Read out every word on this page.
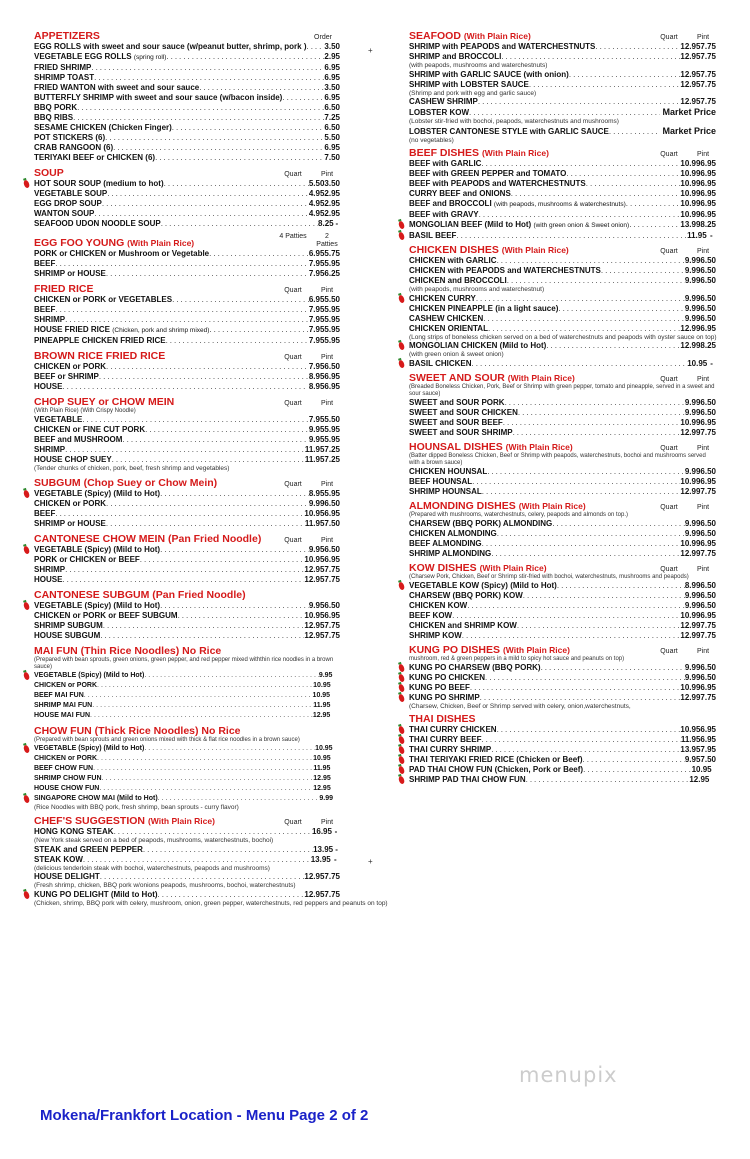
APPETIZERS	Order
EGG ROLLS with sweet and sour sauce (w/peanut butter, shrimp, pork ) ..... 3.50
VEGETABLE EGG ROLLS (spring roll) .....	2.95
FRIED SHRIMP .....	6.95
SHRIMP TOAST .....	6.95
FRIED WANTON with sweet and sour sauce .....	3.50
BUTTERFLY SHRIMP with sweet and sour sauce (w/bacon inside) .....	6.95
BBQ PORK .....	6.50
BBQ RIBS .....	7.25
SESAME CHICKEN (Chicken Finger) .....	6.50
POT STICKERS (6) .....	5.50
CRAB RANGOON (6) .....	6.95
TERIYAKI BEEF or CHICKEN (6) .....	7.50
SOUP	Quart	Pint
HOT SOUR SOUP (medium to hot) .....	5.50 3.50
VEGETABLE SOUP .....	4.95 2.95
EGG DROP SOUP .....	4.95 2.95
WANTON SOUP .....	4.95 2.95
SEAFOOD UDON NOODLE SOUP .....	8.25 -
EGG FOO YOUNG (With Plain Rice)
4 Patties	2 Patties
PORK or CHICKEN or Mushroom or Vegetable .....	6.95 5.75
BEEF .....	7.95 5.95
SHRIMP or HOUSE .....	7.95 6.25
FRIED RICE	Quart	Pint
CHICKEN or PORK or VEGETABLES .....	6.95 5.50
BEEF .....	7.95 5.95
SHRIMP .....	7.95 5.95
HOUSE FRIED RICE (Chicken, pork and shrimp mixed) .....	7.95 5.95
PINEAPPLE CHICKEN FRIED RICE .....	7.95 5.95
BROWN RICE FRIED RICE	Quart	Pint
CHICKEN or PORK .....	7.95 6.50
BEEF or SHRIMP .....	8.95 6.95
HOUSE .....	8.95 6.95
CHOP SUEY or CHOW MEIN	Quart	Pint
(With Plain Rice) (With Crispy Noodle)
VEGETABLE .....	7.95 5.50
CHICKEN or FINE CUT PORK .....	9.95 5.95
BEEF and MUSHROOM .....	9.95 5.95
SHRIMP .....	11.95 7.25
HOUSE CHOP SUEY .....	11.95 7.25
(Tender chunks of chicken, pork, beef, fresh shrimp and vegetables)
SUBGUM (Chop Suey or Chow Mein)	Quart	Pint
VEGETABLE (Spicy) (Mild to Hot) .....	8.95 5.95
CHICKEN or PORK .....	9.99 6.50
BEEF .....	10.95 6.95
SHRIMP or HOUSE .....	11.95 7.50
CANTONESE CHOW MEIN (Pan Fried Noodle)	Quart	Pint
VEGETABLE (Spicy) (Mild to Hot) .....	9.95 6.50
PORK or CHICKEN or BEEF .....	10.95 6.95
SHRIMP .....	12.95 7.75
HOUSE .....	12.95 7.75
CANTONESE SUBGUM (Pan Fried Noodle)
VEGETABLE (Spicy) (Mild to Hot) .....	9.95 6.50
CHICKEN or PORK or BEEF SUBGUM .....	10.95 6.95
SHRIMP SUBGUM .....	12.95 7.75
HOUSE SUBGUM .....	12.95 7.75
MAI FUN (Thin Rice Noodles) No Rice
(Prepared with bean sprouts, green onions, green pepper, and red pepper mixed withthin rice noodles in a brown sauce)
VEGETABLE (Spicy) (Mild to Hot) .....	9.95
CHICKEN or PORK .....	10.95
BEEF MAI FUN .....	10.95
SHRIMP MAI FUN .....	11.95
HOUSE MAI FUN .....	12.95
CHOW FUN (Thick Rice Noodles) No Rice
(Prepared with bean sprouts and green onions mixed with thick & flat rice noodles in a brown sauce)
VEGETABLE (Spicy) (Mild to Hot) .....	10.95
CHICKEN or PORK .....	10.95
BEEF CHOW FUN .....	11.95
SHRIMP CHOW FUN .....	12.95
HOUSE CHOW FUN .....	12.95
SINGAPORE CHOW MAI (Mild to Hot) .....	9.99
(Rice Noodles with BBQ pork, fresh shrimp, bean sprouts - curry flavor)
CHEF'S SUGGESTION (With Plain Rice)	Quart	Pint
HONG KONG STEAK .....	16.95 -
(New York steak served on a bed of peapods, mushrooms, waterchestnuts, bochoi)
STEAK and GREEN PEPPER .....	13.95 -
STEAK KOW .....	13.95 -
(delicious tenderloin steak with bochoi, waterchestnuts, peapods and mushrooms)
HOUSE DELIGHT .....	12.95 7.75
(Fresh shrimp, chicken, BBQ pork w/onions peapods, mushrooms, bochoi, waterchestnuts)
KUNG PO DELIGHT (Mild to Hot) .....	12.95 7.75
(Chicken, shrimp, BBQ pork with celery, mushroom, onion, green pepper, waterchestnuts, red peppers and peanuts on top)
SEAFOOD (With Plain Rice)	Quart	Pint
SHRIMP with PEAPODS and WATERCHESTNUTS .....	12.95 7.75
SHRIMP and BROCCOLI .....	12.95 7.75
(with peapods, mushrooms and waterchestnuts)
SHRIMP with GARLIC SAUCE (with onion) .....	12.95 7.75
SHRIMP with LOBSTER SAUCE .....	12.95 7.75
(Shrimp and pork with egg and garlic sauce)
CASHEW SHRIMP .....	12.95 7.75
LOBSTER KOW .....	Market Price
(Lobster stir-fried with bochoi, peapods, waterchestnuts and mushrooms)
LOBSTER CANTONESE STYLE with GARLIC SAUCE .....	Market Price
(no vegetables)
BEEF DISHES (With Plain Rice)	Quart	Pint
BEEF with GARLIC .....	10.99 6.95
BEEF with GREEN PEPPER and TOMATO .....	10.99 6.95
BEEF with PEAPODS and WATERCHESTNUTS .....	10.99 6.95
CURRY BEEF and ONIONS .....	10.99 6.95
BEEF and BROCCOLI (with peapods, mushrooms & waterchestnuts) .....	10.99 6.95
BEEF with GRAVY .....	10.99 6.95
MONGOLIAN BEEF (Mild to Hot) (with green onion & Sweet onion) .....	13.99 8.25
BASIL BEEF .....	11.95 -
CHICKEN DISHES (With Plain Rice)	Quart	Pint
CHICKEN with GARLIC .....	9.99 6.50
CHICKEN with PEAPODS and WATERCHESTNUTS .....	9.99 6.50
CHICKEN and BROCCOLI .....	9.99 6.50
(with peapods, mushrooms and waterchestnut)
CHICKEN CURRY .....	9.99 6.50
CHICKEN PINEAPPLE (in a light sauce) .....	9.99 6.50
CASHEW CHICKEN .....	9.99 6.50
CHICKEN ORIENTAL .....	12.99 6.95
(Long strips of boneless chicken served on a bed of waterchestnuts and peapods with oyster sauce on top)
MONGOLIAN CHICKEN (Mild to Hot) .....	12.99 8.25
(with green onion & sweet onion)
BASIL CHICKEN .....	10.95 -
SWEET AND SOUR (With Plain Rice)	Quart	Pint
(Breaded Boneless Chicken, Pork, Beef or Shrimp with green pepper, tomato and pineapple, served in a sweet and sour sauce)
SWEET and SOUR PORK .....	9.99 6.50
SWEET and SOUR CHICKEN .....	9.99 6.50
SWEET and SOUR BEEF .....	10.99 6.95
SWEET and SOUR SHRIMP .....	12.99 7.75
HOUNSAL DISHES (With Plain Rice)	Quart	Pint
(Batter dipped Boneless Chicken, Beef or Shrimp with peapods, waterchestnuts, bochoi and mushrooms served with a brown sauce)
CHICKEN HOUNSAL .....	9.99 6.50
BEEF HOUNSAL .....	10.99 6.95
SHRIMP HOUNSAL .....	12.99 7.75
ALMONDING DISHES (With Plain Rice)	Quart	Pint
(Prepared with mushrooms, waterchestnuts, celery, peapods and almonds on top.)
CHARSEW (BBQ PORK) ALMONDING .....	9.99 6.50
CHICKEN ALMONDING .....	9.99 6.50
BEEF ALMONDING .....	10.99 6.95
SHRIMP ALMONDING .....	12.99 7.75
KOW DISHES (With Plain Rice)	Quart	Pint
(Charsew Pork, Chicken, Beef or Shrimp stir-fried with bochoi, waterchestnuts, mushrooms and peapods)
VEGETABLE KOW (Spicy) (Mild to Hot) .....	8.99 6.50
CHARSEW (BBQ PORK) KOW .....	9.99 6.50
CHICKEN KOW .....	9.99 6.50
BEEF KOW .....	10.99 6.95
CHICKEN and SHRIMP KOW .....	12.99 7.75
SHRIMP KOW .....	12.99 7.75
KUNG PO DISHES (With Plain Rice)	Quart	Pint
mushroom, red & green peppers in a mild to spicy hot sauce and peanuts on top)
KUNG PO CHARSEW (BBQ PORK) .....	9.99 6.50
KUNG PO CHICKEN .....	9.99 6.50
KUNG PO BEEF .....	10.99 6.95
KUNG PO SHRIMP .....	12.99 7.75
(Charsew, Chicken, Beef or Shrimp served with celery, onion,waterchestnuts,
THAI DISHES
THAI CURRY CHICKEN .....	10.95 6.95
THAI CURRY BEEF .....	11.95 6.95
THAI CURRY SHRIMP .....	13.95 7.95
THAI TERIYAKI FRIED RICE (Chicken or Beef) .....	9.95 7.50
PAD THAI CHOW FUN (Chicken, Pork or Beef) .....	10.95
SHRIMP PAD THAI CHOW FUN .....	12.95
+
+
menupix
Mokena/Frankfort Location - Menu Page 2 of 2
